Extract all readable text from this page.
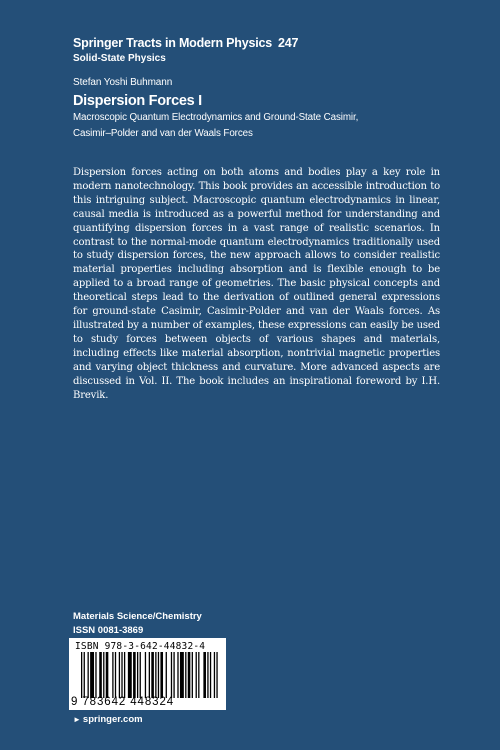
Springer Tracts in Modern Physics 247
Solid-State Physics
Stefan Yoshi Buhmann
Dispersion Forces I
Macroscopic Quantum Electrodynamics and Ground-State Casimir,
Casimir–Polder and van der Waals Forces
Dispersion forces acting on both atoms and bodies play a key role in modern nanotechnology. This book provides an accessible introduction to this intriguing subject. Macroscopic quantum electrodynamics in linear, causal media is introduced as a powerful method for understanding and quantifying dispersion forces in a vast range of realistic scenarios. In contrast to the normal-mode quantum electrodynamics traditionally used to study dispersion forces, the new approach allows to consider realistic material properties including absorption and is flexible enough to be applied to a broad range of geometries. The basic physical concepts and theoretical steps lead to the derivation of outlined general expressions for ground-state Casimir, Casimir-Polder and van der Waals forces. As illustrated by a number of examples, these expressions can easily be used to study forces between objects of various shapes and materials, including effects like material absorption, nontrivial magnetic properties and varying object thickness and curvature. More advanced aspects are discussed in Vol. II. The book includes an inspirational foreword by I.H. Brevik.
Materials Science/Chemistry
ISSN 0081-3869
ISBN 978-3-642-44832-4
9 783642 448324
► springer.com
